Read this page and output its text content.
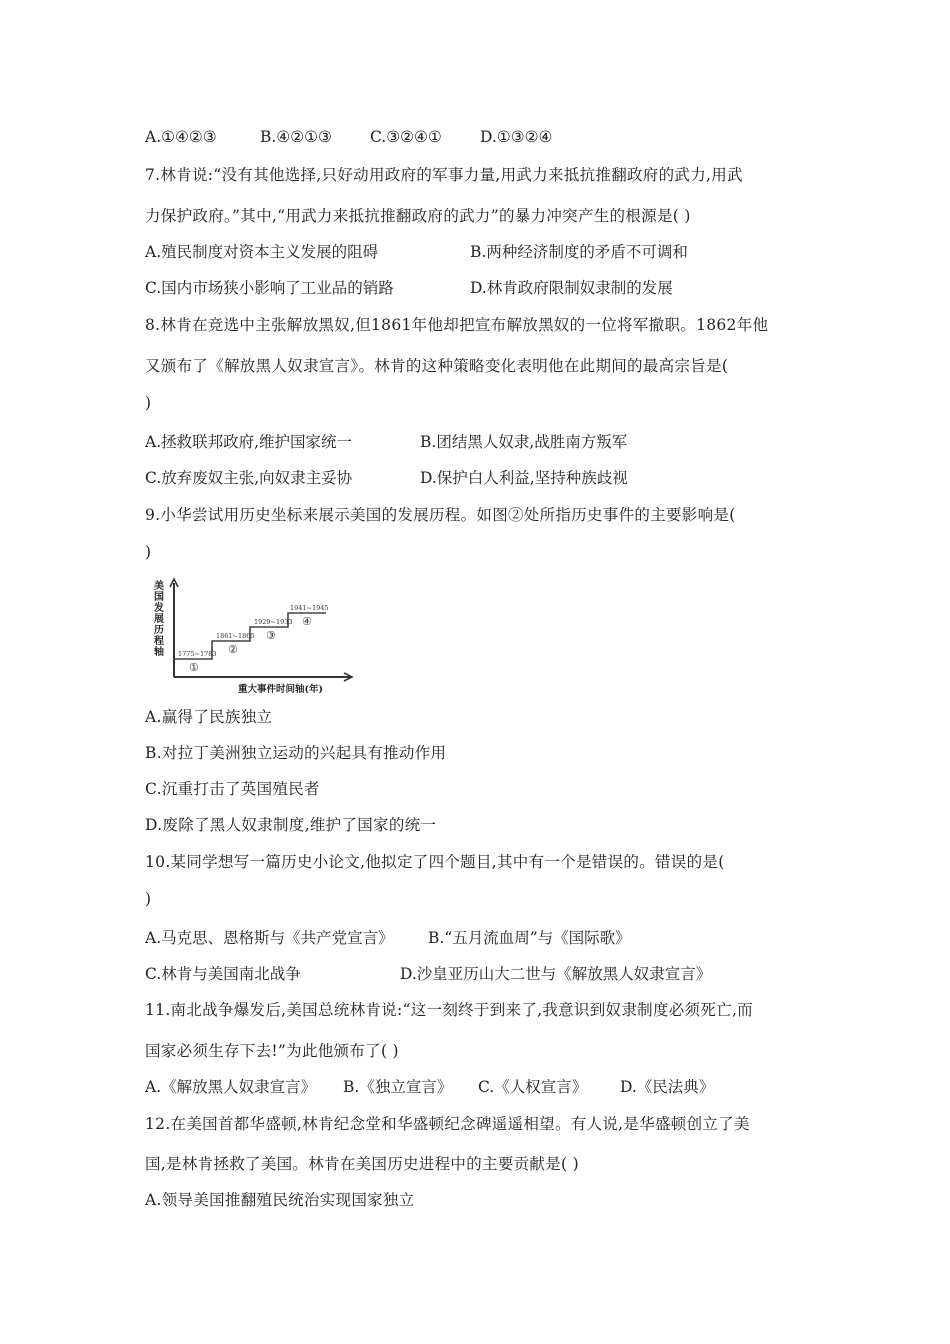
A.①④②③	B.④②①③ C.③②④① D.①③②④
7.林肯说:“没有其他选择,只好动用政府的军事力量,用武力来抵抗推翻政府的武力,用武
力保护政府。”其中,“用武力来抵抗推翻政府的武力”的暴力冲突产生的根源是( )
A.殖民制度对资本主义发展的阻碍	B.两种经济制度的矛盾不可调和
C.国内市场狭小影响了工业品的销路	D.林肯政府限制奴隶制的发展
8.林肯在竞选中主张解放黑奴,但1861年他却把宣布解放黑奴的一位将军撤职。1862年他
又颁布了《解放黑人奴隶宣言》。林肯的这种策略变化表明他在此期间的最高宗旨是(
)
A.拯救联邦政府,维护国家统一	B.团结黑人奴隶,战胜南方叛军
C.放弃废奴主张,向奴隶主妥协	D.保护白人利益,坚持种族歧视
9.小华尝试用历史坐标来展示美国的发展历程。如图②处所指历史事件的主要影响是(
)
美
国
发
展
历
程
轴 1775~1783
①
1861~1865
②
1929~1933
③
1941~1945
④
重大事件时间轴(年)
A.赢得了民族独立
B.对拉丁美洲独立运动的兴起具有推动作用
C.沉重打击了英国殖民者
D.废除了黑人奴隶制度,维护了国家的统一
10.某同学想写一篇历史小论文,他拟定了四个题目,其中有一个是错误的。错误的是(
)
A.马克思、恩格斯与《共产党宣言》 B.“五月流血周”与《国际歌》
C.林肯与美国南北战争	D.沙皇亚历山大二世与《解放黑人奴隶宣言》
11.南北战争爆发后,美国总统林肯说:“这一刻终于到来了,我意识到奴隶制度必须死亡,而
国家必须生存下去!”为此他颁布了( )
A.《解放黑人奴隶宣言》 B.《独立宣言》 C.《人权宣言》 D.《民法典》
12.在美国首都华盛顿,林肯纪念堂和华盛顿纪念碑遥遥相望。有人说,是华盛顿创立了美
国,是林肯拯救了美国。林肯在美国历史进程中的主要贡献是( )
A.领导美国推翻殖民统治实现国家独立
